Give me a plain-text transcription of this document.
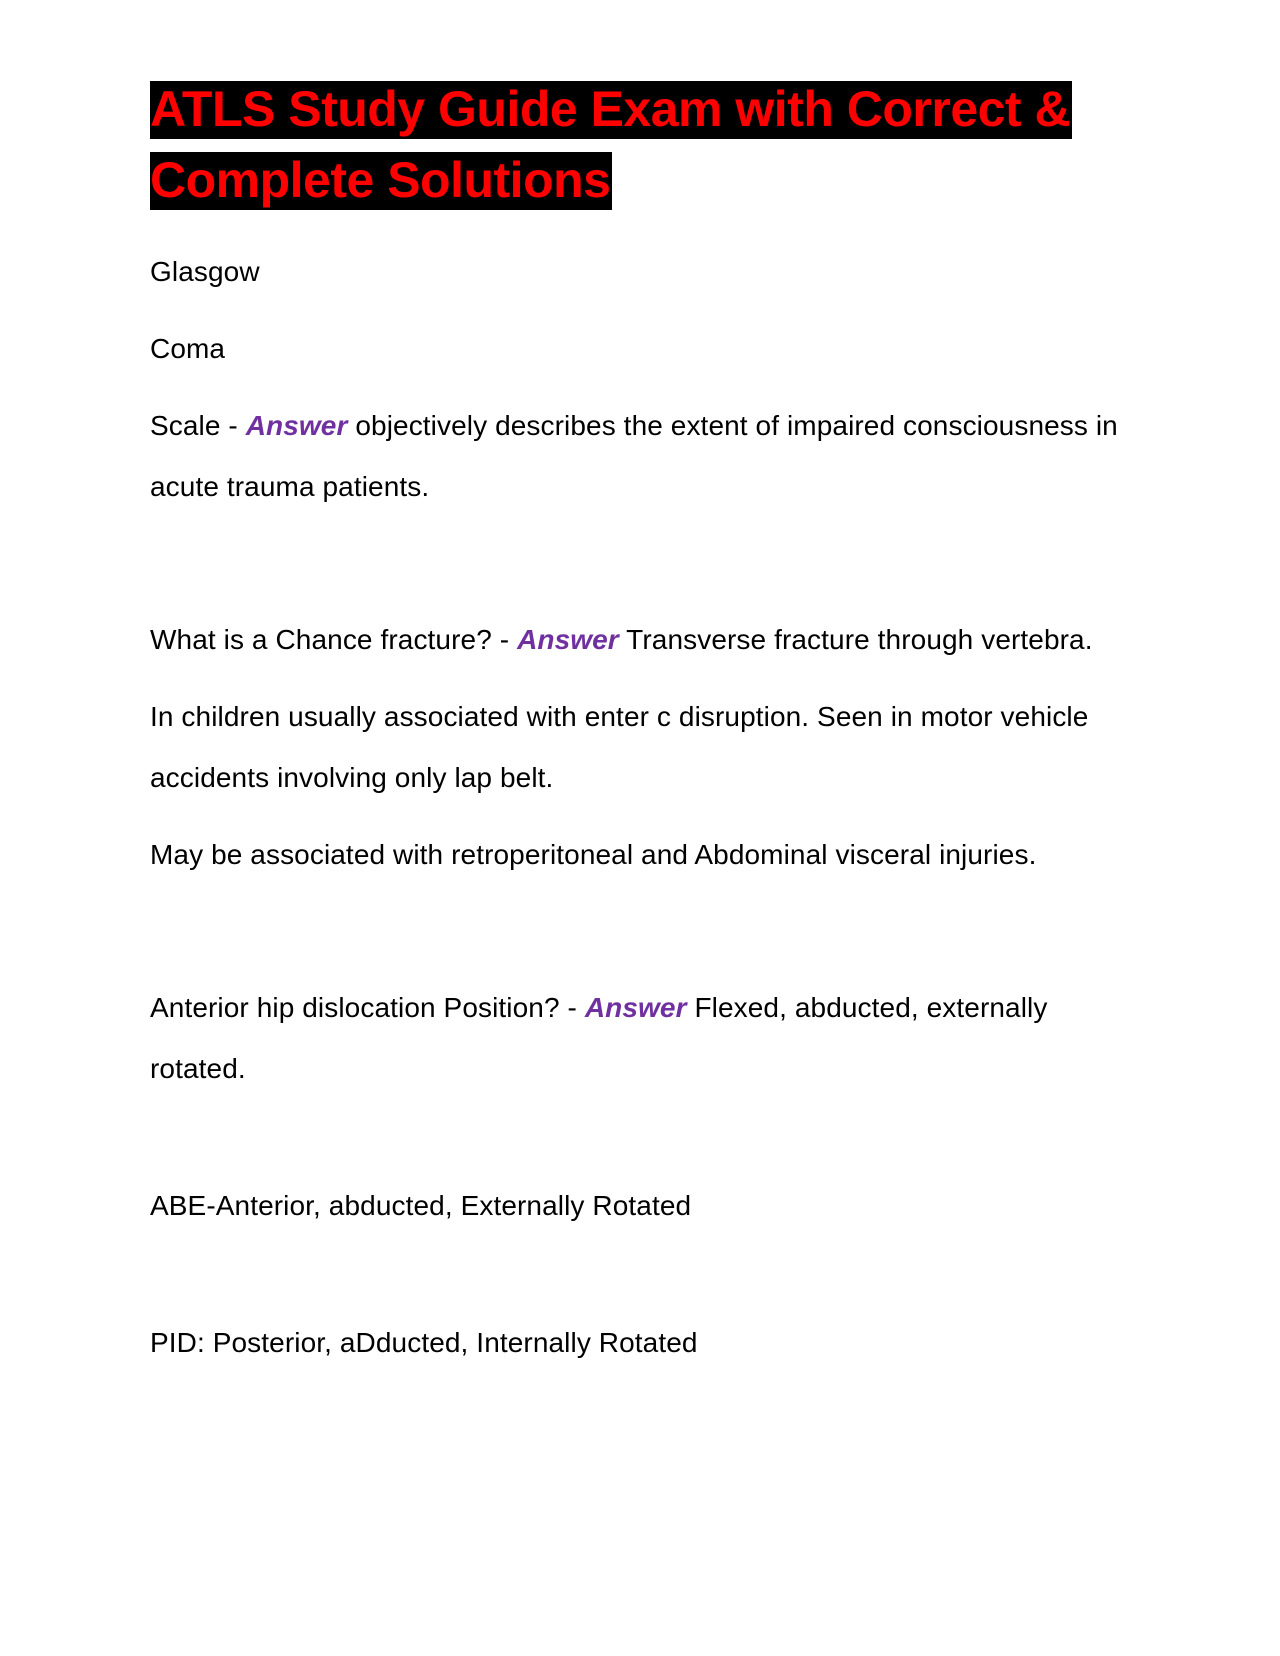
ATLS Study Guide Exam with Correct &
Complete Solutions

Glasgow

Coma

Scale - Answer objectively describes the extent of impaired consciousness in acute trauma patients.

What is a Chance fracture? - Answer Transverse fracture through vertebra.

In children usually associated with enter c disruption. Seen in motor vehicle accidents involving only lap belt.

May be associated with retroperitoneal and Abdominal visceral injuries.

Anterior hip dislocation Position? - Answer Flexed, abducted, externally rotated.

ABE-Anterior, abducted, Externally Rotated

PID: Posterior, aDducted, Internally Rotated
